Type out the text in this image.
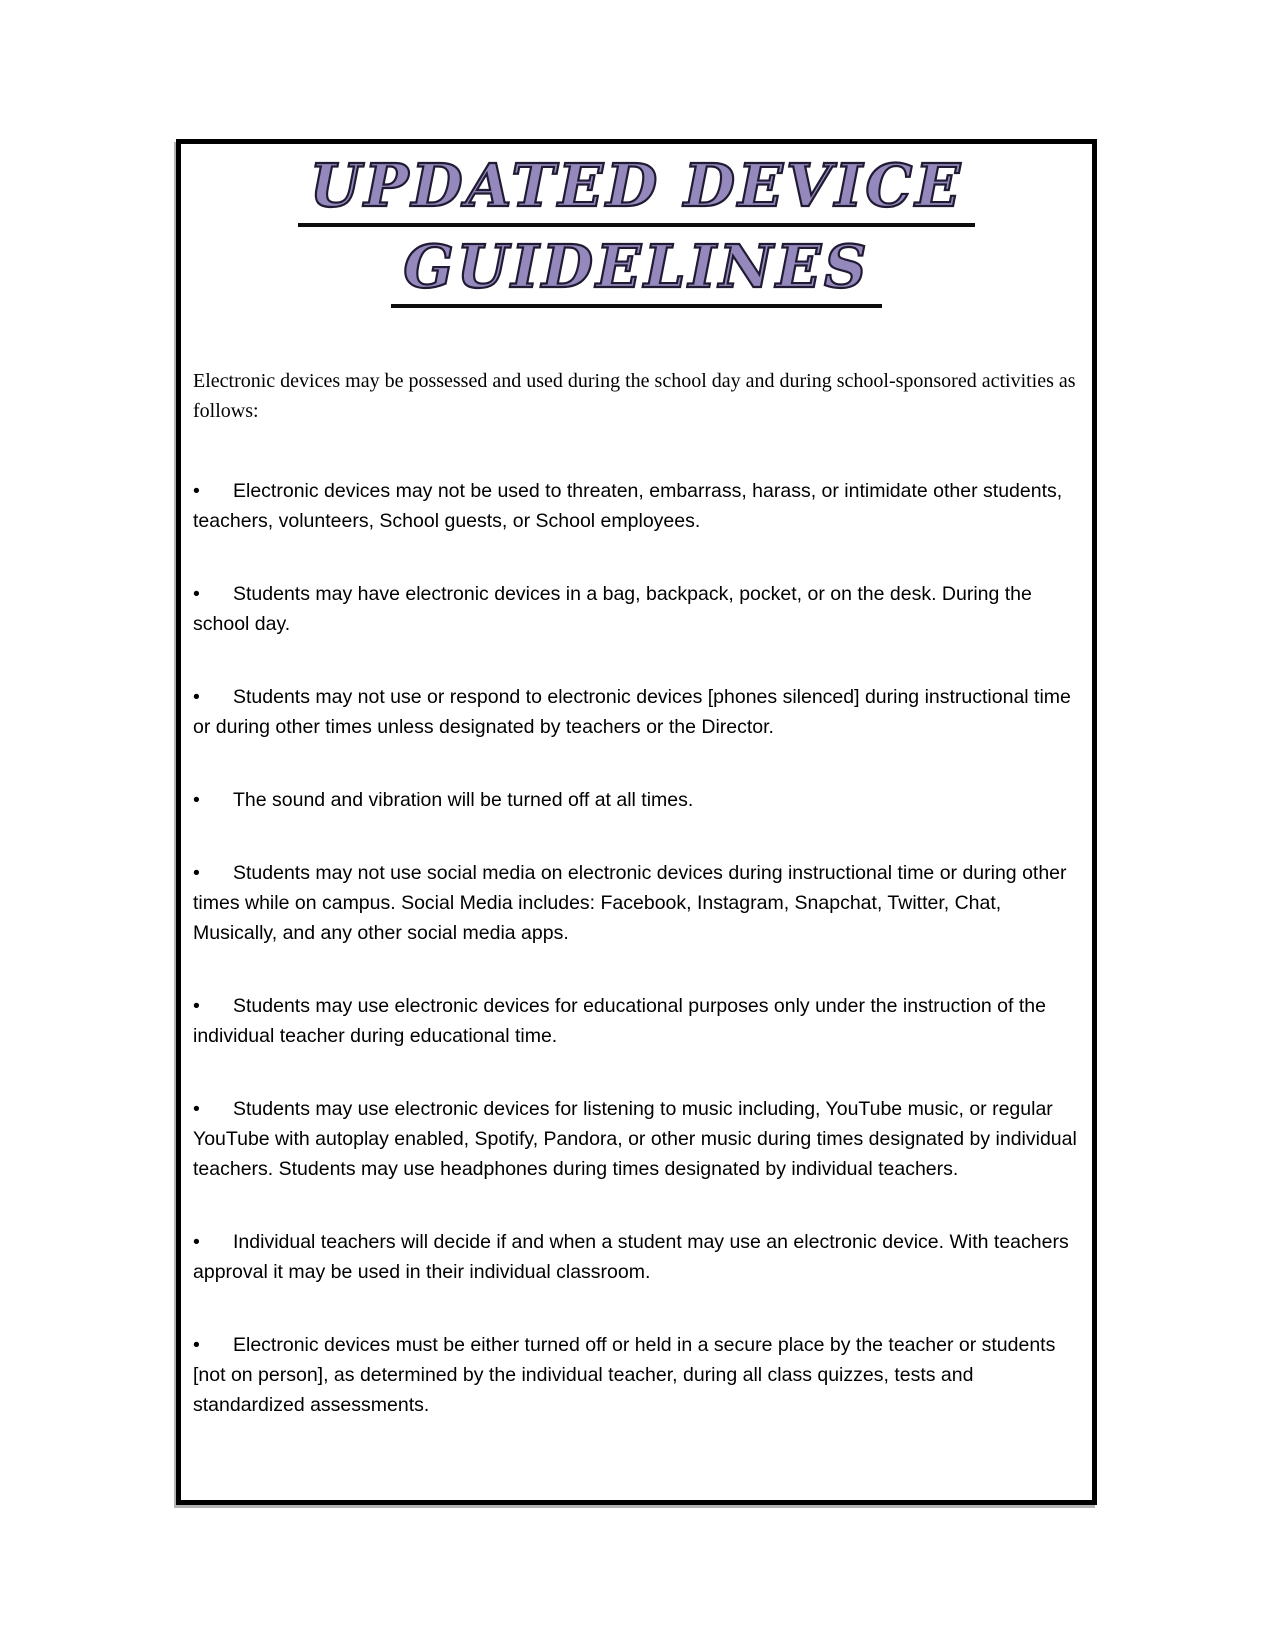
UPDATED DEVICE
GUIDELINES

Electronic devices may be possessed and used during the school day and during school-sponsored activities as follows:

• Electronic devices may not be used to threaten, embarrass, harass, or intimidate other students, teachers, volunteers, School guests, or School employees.

• Students may have electronic devices in a bag, backpack, pocket, or on the desk. During the school day.

• Students may not use or respond to electronic devices [phones silenced] during instructional time or during other times unless designated by teachers or the Director.

• The sound and vibration will be turned off at all times.

• Students may not use social media on electronic devices during instructional time or during other times while on campus. Social Media includes: Facebook, Instagram, Snapchat, Twitter, Chat, Musically, and any other social media apps.

• Students may use electronic devices for educational purposes only under the instruction of the individual teacher during educational time.

• Students may use electronic devices for listening to music including, YouTube music, or regular YouTube with autoplay enabled, Spotify, Pandora, or other music during times designated by individual teachers. Students may use headphones during times designated by individual teachers.

• Individual teachers will decide if and when a student may use an electronic device. With teachers approval it may be used in their individual classroom.

• Electronic devices must be either turned off or held in a secure place by the teacher or students [not on person], as determined by the individual teacher, during all class quizzes, tests and standardized assessments.
